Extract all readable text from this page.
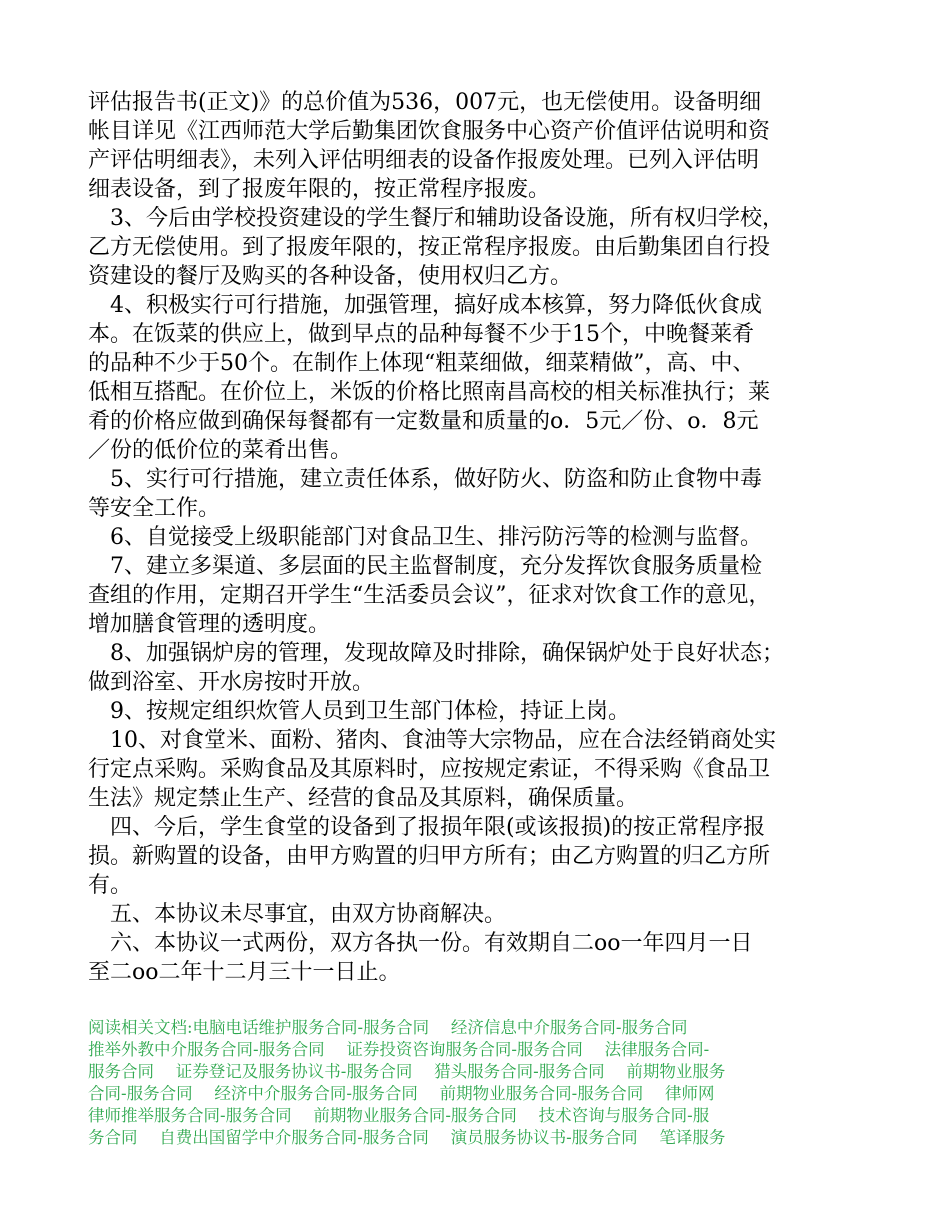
评估报告书(正文)》的总价值为536，007元，也无偿使用。设备明细
帐目详见《江西师范大学后勤集团饮食服务中心资产价值评估说明和资
产评估明细表》，未列入评估明细表的设备作报废处理。已列入评估明
细表设备，到了报废年限的，按正常程序报废。
　3、今后由学校投资建设的学生餐厅和辅助设备设施，所有权归学校，
乙方无偿使用。到了报废年限的，按正常程序报废。由后勤集团自行投
资建设的餐厅及购买的各种设备，使用权归乙方。
　4、积极实行可行措施，加强管理，搞好成本核算，努力降低伙食成
本。在饭菜的供应上，做到早点的品种每餐不少于15个，中晚餐莱肴
的品种不少于50个。在制作上体现“粗菜细做，细菜精做”，高、中、
低相互搭配。在价位上，米饭的价格比照南昌高校的相关标准执行；莱
肴的价格应做到确保每餐都有一定数量和质量的o．5元／份、o．8元
／份的低价位的菜肴出售。
　5、实行可行措施，建立责任体系，做好防火、防盗和防止食物中毒
等安全工作。
　6、自觉接受上级职能部门对食品卫生、排污防污等的检测与监督。
　7、建立多渠道、多层面的民主监督制度，充分发挥饮食服务质量检
查组的作用，定期召开学生“生活委员会议”，征求对饮食工作的意见，
增加膳食管理的透明度。
　8、加强锅炉房的管理，发现故障及时排除，确保锅炉处于良好状态；
做到浴室、开水房按时开放。
　9、按规定组织炊管人员到卫生部门体检，持证上岗。
　10、对食堂米、面粉、猪肉、食油等大宗物品，应在合法经销商处实
行定点采购。采购食品及其原料时，应按规定索证，不得采购《食品卫
生法》规定禁止生产、经营的食品及其原料，确保质量。
　四、今后，学生食堂的设备到了报损年限(或该报损)的按正常程序报
损。新购置的设备，由甲方购置的归甲方所有；由乙方购置的归乙方所
有。
　五、本协议未尽事宜，由双方协商解决。
　六、本协议一式两份，双方各执一份。有效期自二oo一年四月一日
至二oo二年十二月三十一日止。
阅读相关文档:电脑电话维护服务合同-服务合同　 经济信息中介服务合同-服务合同
推举外教中介服务合同-服务合同　 证券投资咨询服务合同-服务合同　 法律服务合同-
服务合同　 证券登记及服务协议书-服务合同　 猎头服务合同-服务合同　 前期物业服务
合同-服务合同　 经济中介服务合同-服务合同　 前期物业服务合同-服务合同　 律师网
律师推举服务合同-服务合同　 前期物业服务合同-服务合同　 技术咨询与服务合同-服
务合同　 自费出国留学中介服务合同-服务合同　 演员服务协议书-服务合同　 笔译服务
